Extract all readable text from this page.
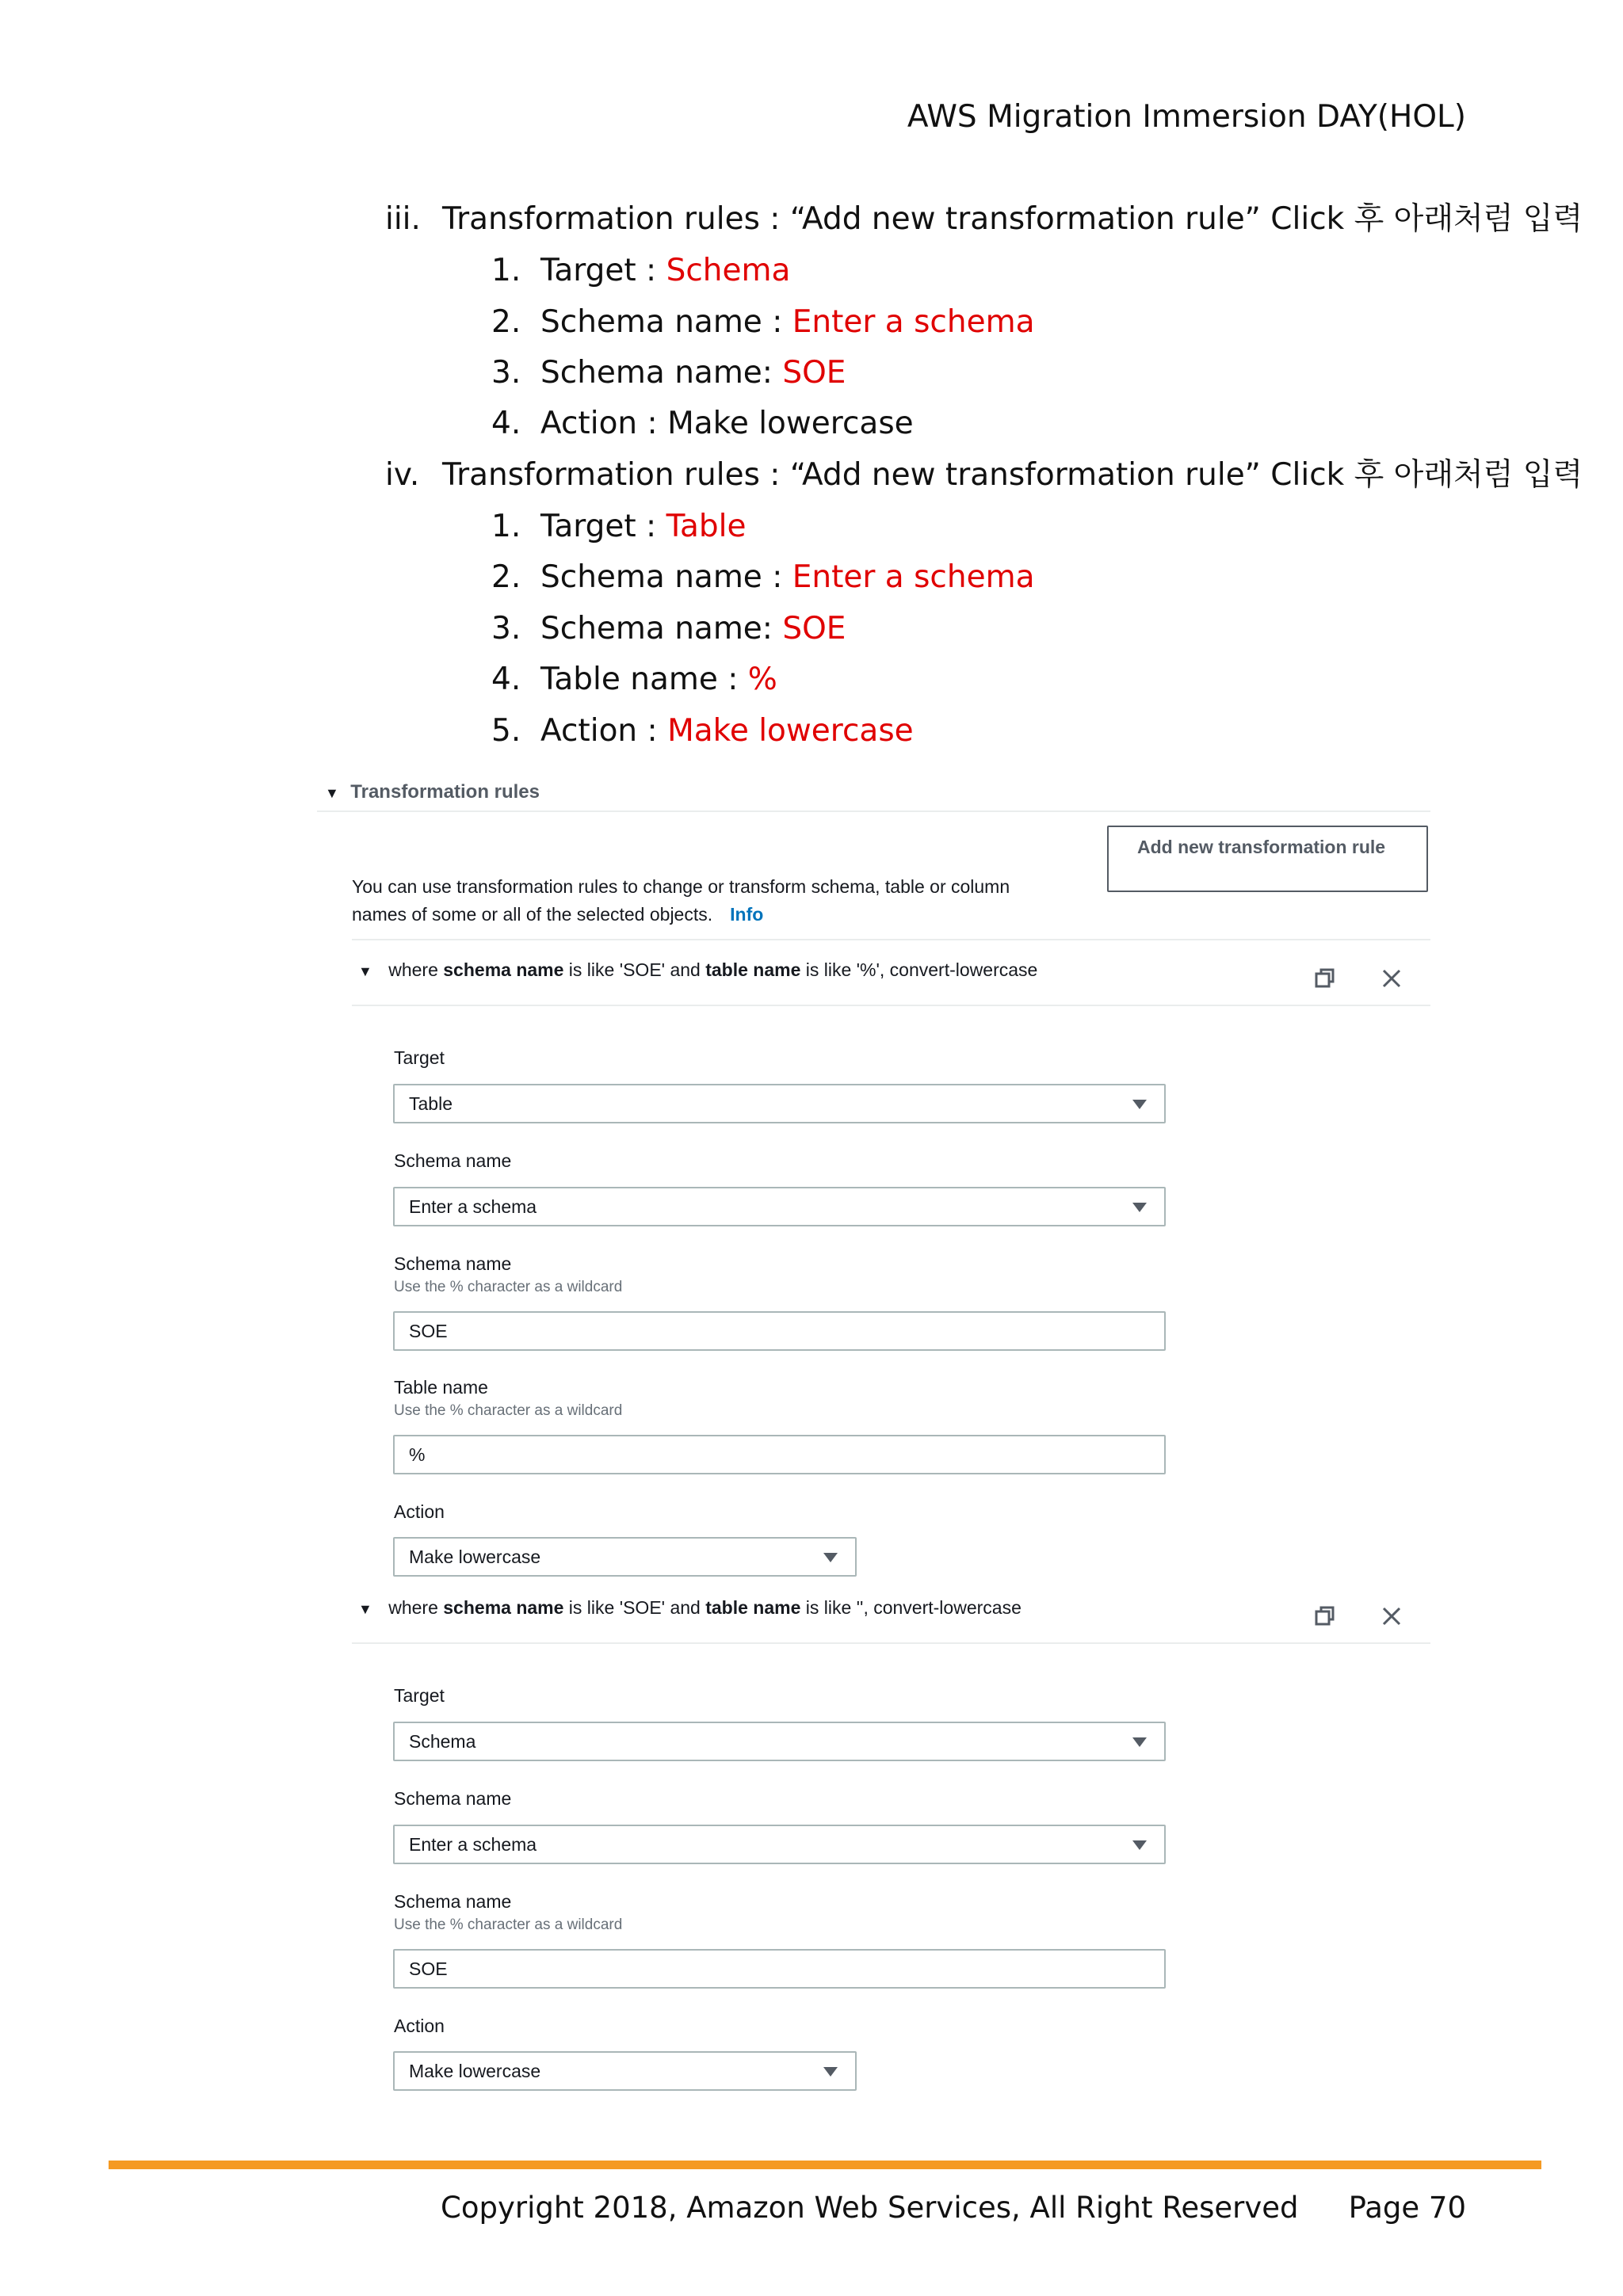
AWS Migration Immersion DAY(HOL)
iii. Transformation rules : “Add new transformation rule” Click 후 아래처럼 입력
1. Target : Schema
2. Schema name : Enter a schema
3. Schema name: SOE
4. Action : Make lowercase
iv. Transformation rules : “Add new transformation rule” Click 후 아래처럼 입력
1. Target : Table
2. Schema name : Enter a schema
3. Schema name: SOE
4. Table name : %
5. Action : Make lowercase
▼ Transformation rules
You can use transformation rules to change or transform schema, table or column
names of some or all of the selected objects. Info
Add new transformation rule
▼ where schema name is like 'SOE' and table name is like '%', convert-lowercase
Target
Table
Schema name
Enter a schema
Schema name
Use the % character as a wildcard
SOE
Table name
Use the % character as a wildcard
%
Action
Make lowercase
▼ where schema name is like 'SOE' and table name is like '', convert-lowercase
Target
Schema
Schema name
Enter a schema
Schema name
Use the % character as a wildcard
SOE
Action
Make lowercase
Copyright 2018, Amazon Web Services, All Right Reserved Page 70
